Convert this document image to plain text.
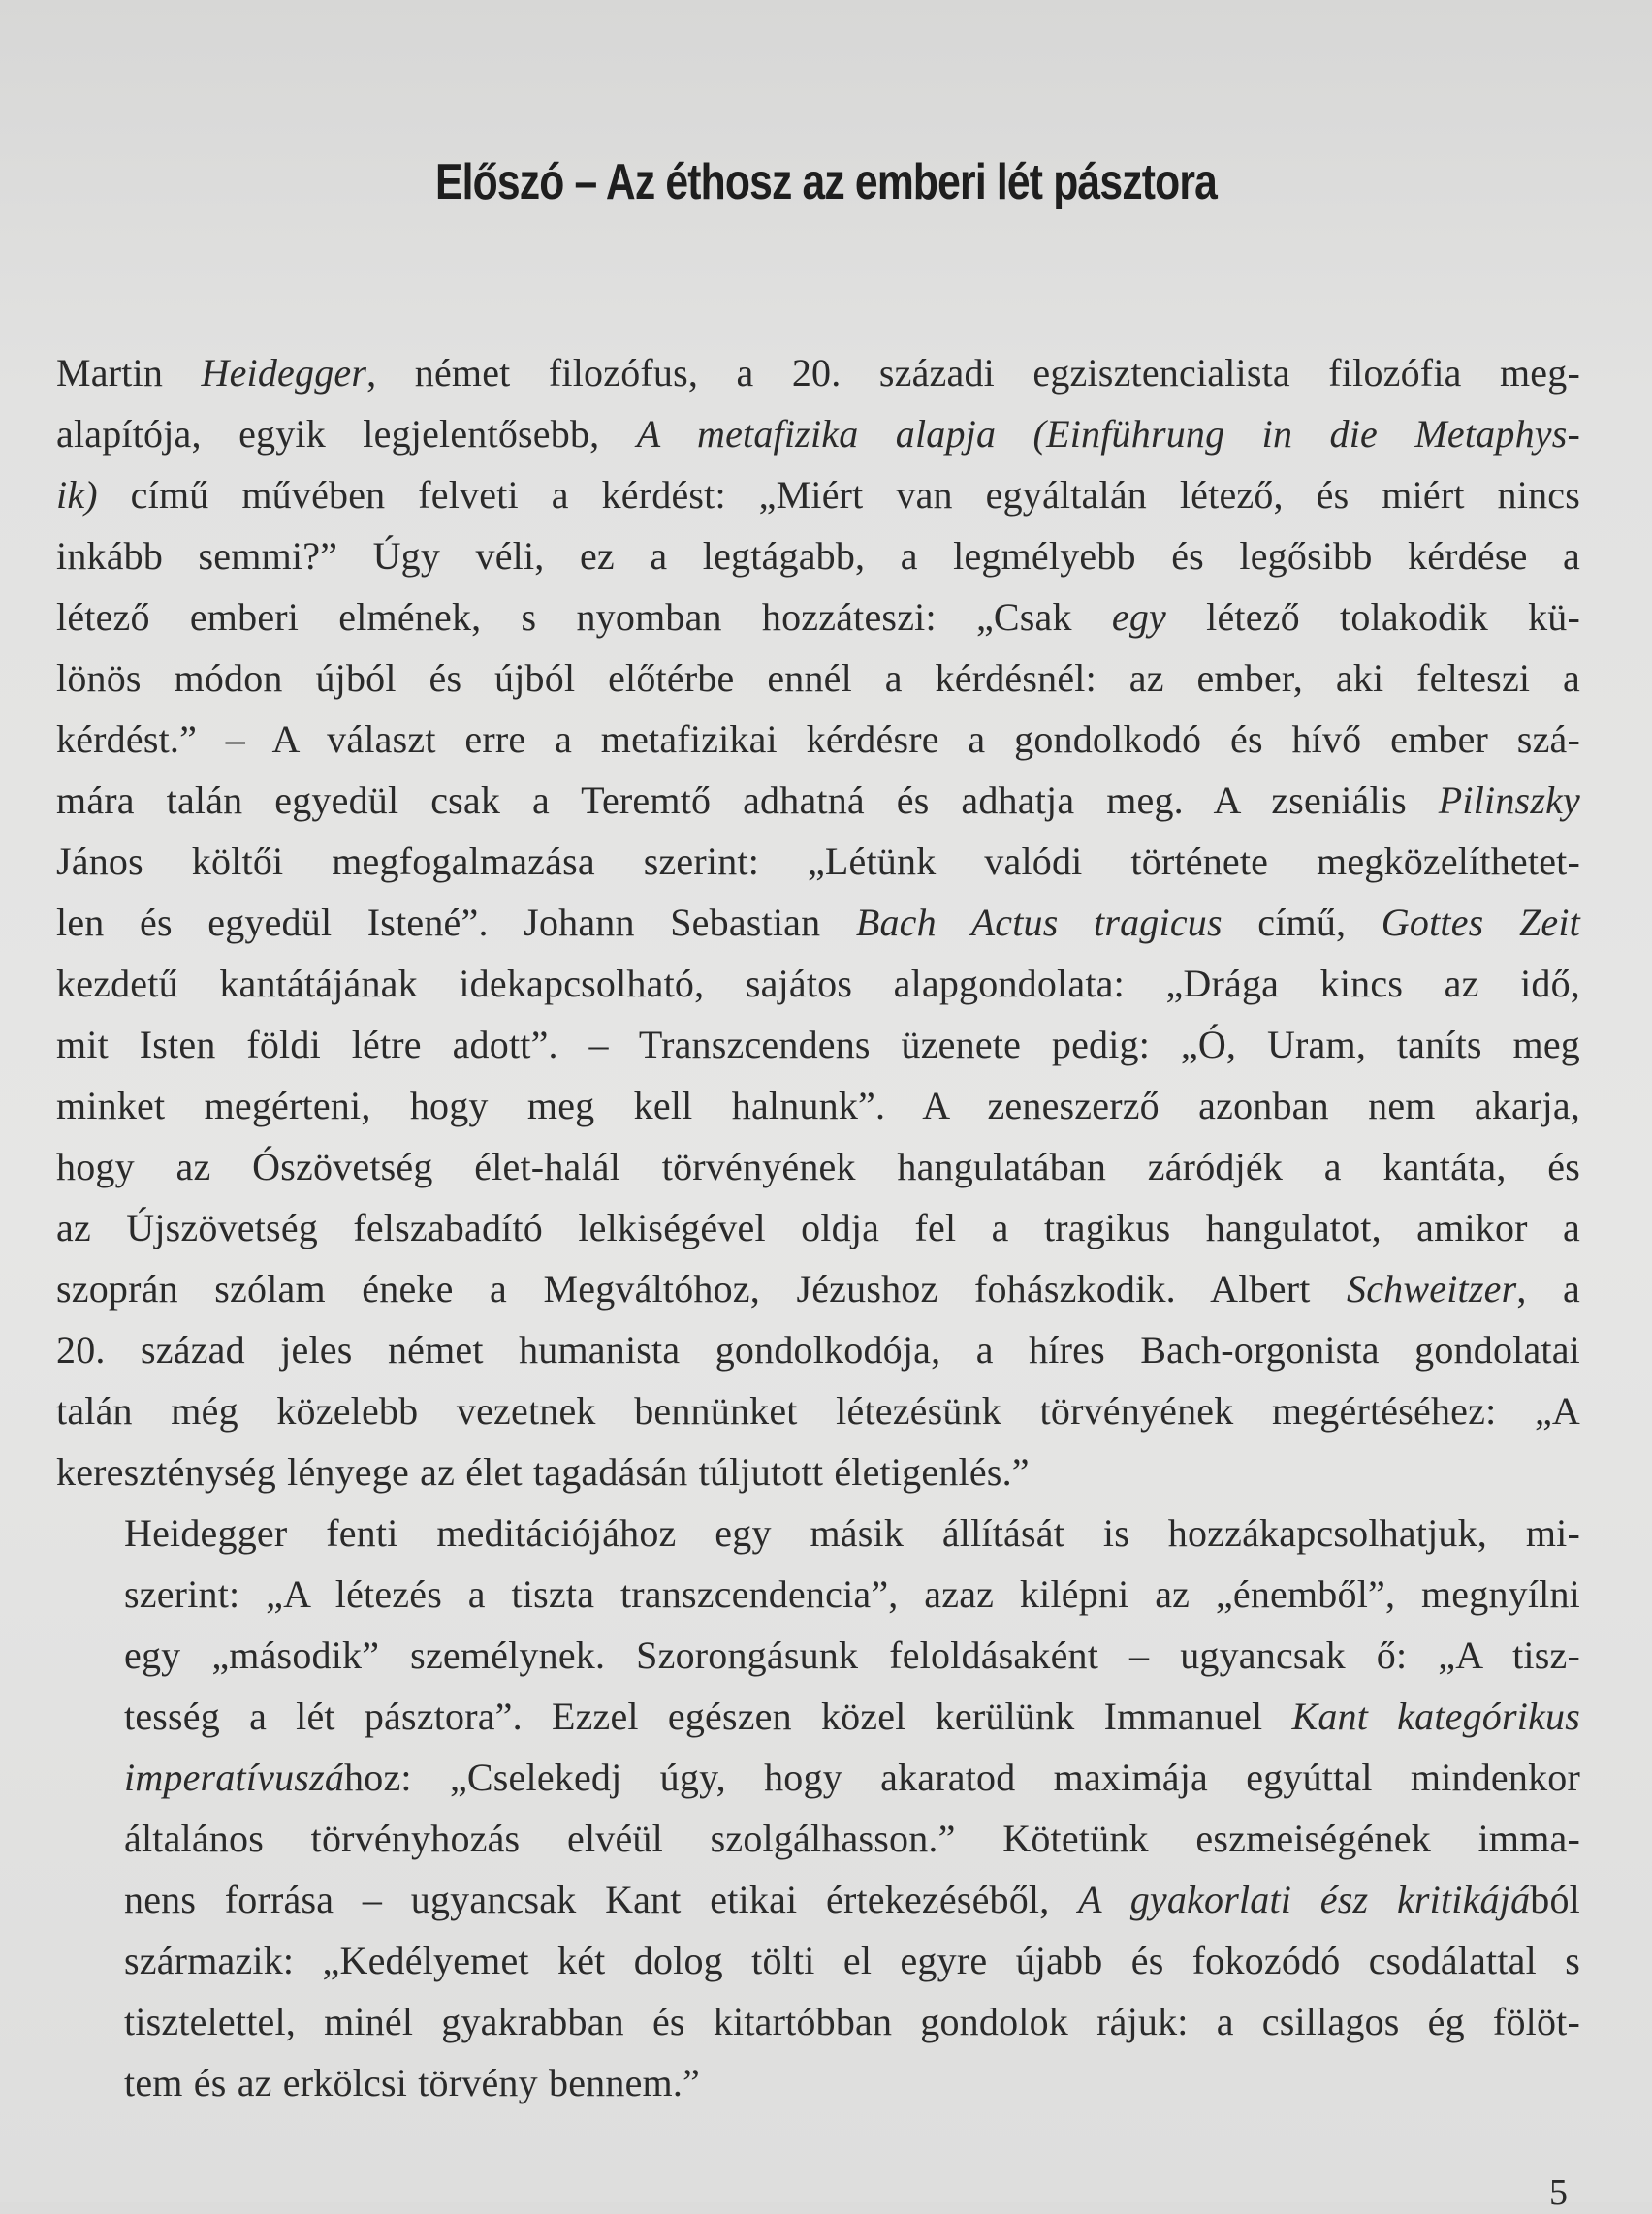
Előszó – Az éthosz az emberi lét pásztora
Martin Heidegger, német filozófus, a 20. századi egzisztencialista filozófia meg-
alapítója, egyik legjelentősebb, A metafizika alapja (Einführung in die Metaphys-
ik) című művében felveti a kérdést: „Miért van egyáltalán létező, és miért nincs
inkább semmi?” Úgy véli, ez a legtágabb, a legmélyebb és legősibb kérdése a
létező emberi elmének, s nyomban hozzáteszi: „Csak egy létező tolakodik kü-
lönös módon újból és újból előtérbe ennél a kérdésnél: az ember, aki felteszi a
kérdést.” – A választ erre a metafizikai kérdésre a gondolkodó és hívő ember szá-
mára talán egyedül csak a Teremtő adhatná és adhatja meg. A zseniális Pilinszky
János költői megfogalmazása szerint: „Létünk valódi története megközelíthetet-
len és egyedül Istené”. Johann Sebastian Bach Actus tragicus című, Gottes Zeit
kezdetű kantátájának idekapcsolható, sajátos alapgondolata: „Drága kincs az idő,
mit Isten földi létre adott”. – Transzcendens üzenete pedig: „Ó, Uram, taníts meg
minket megérteni, hogy meg kell halnunk”. A zeneszerző azonban nem akarja,
hogy az Ószövetség élet-halál törvényének hangulatában záródjék a kantáta, és
az Újszövetség felszabadító lelkiségével oldja fel a tragikus hangulatot, amikor a
szoprán szólam éneke a Megváltóhoz, Jézushoz fohászkodik. Albert Schweitzer, a
20. század jeles német humanista gondolkodója, a híres Bach-orgonista gondolatai
talán még közelebb vezetnek bennünket létezésünk törvényének megértéséhez: „A
kereszténység lényege az élet tagadásán túljutott életigenlés.”
Heidegger fenti meditációjához egy másik állítását is hozzákapcsolhatjuk, mi-
szerint: „A létezés a tiszta transzcendencia”, azaz kilépni az „énemből”, megnyílni
egy „második” személynek. Szorongásunk feloldásaként – ugyancsak ő: „A tisz-
tesség a lét pásztora”. Ezzel egészen közel kerülünk Immanuel Kant kategórikus
imperatívuszához: „Cselekedj úgy, hogy akaratod maximája egyúttal mindenkor
általános törvényhozás elvéül szolgálhasson.” Kötetünk eszmeiségének imma-
nens forrása – ugyancsak Kant etikai értekezéséből, A gyakorlati ész kritikájából
származik: „Kedélyemet két dolog tölti el egyre újabb és fokozódó csodálattal s
tisztelettel, minél gyakrabban és kitartóbban gondolok rájuk: a csillagos ég fölöt-
tem és az erkölcsi törvény bennem.”
5
